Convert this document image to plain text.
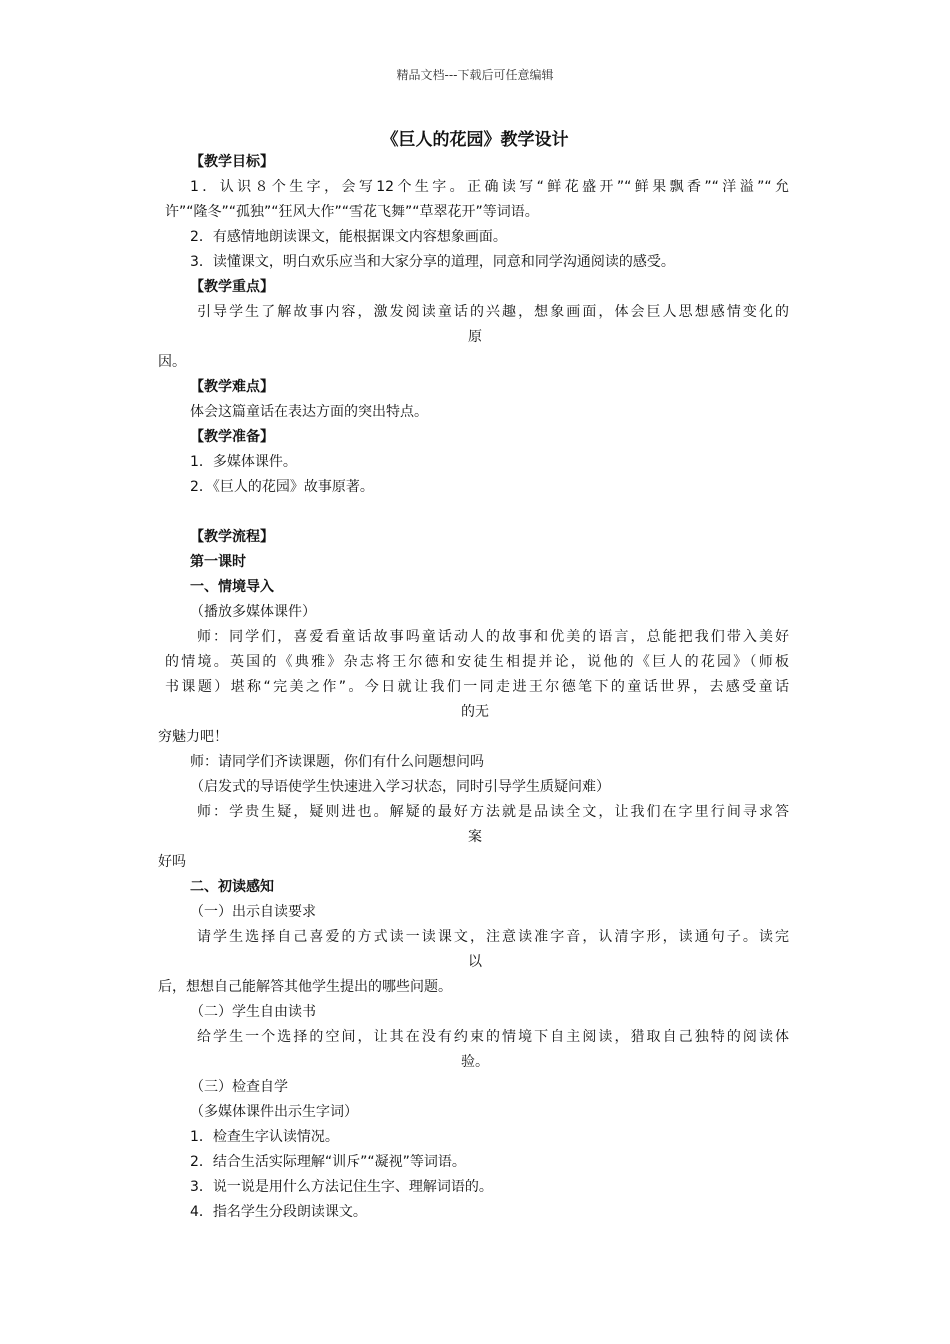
精品文档---下载后可任意编辑
《巨人的花园》教学设计
【教学目标】
1．认识８个生字，会写12个生字。正确读写“鲜花盛开”“鲜果飘香”“洋溢”“允
许”“隆冬”“孤独”“狂风大作”“雪花飞舞”“草翠花开”等词语。
2．有感情地朗读课文，能根据课文内容想象画面。
3．读懂课文，明白欢乐应当和大家分享的道理，同意和同学沟通阅读的感受。
【教学重点】
引导学生了解故事内容，激发阅读童话的兴趣，想象画面，体会巨人思想感情变化的
原
因。
【教学难点】
体会这篇童话在表达方面的突出特点。
【教学准备】
1．多媒体课件。
2．《巨人的花园》故事原著。
【教学流程】
第一课时
一、情境导入
（播放多媒体课件）
师：同学们，喜爱看童话故事吗童话动人的故事和优美的语言，总能把我们带入美好
的情境。英国的《典雅》杂志将王尔德和安徒生相提并论，说他的《巨人的花园》（师板
书课题）堪称“完美之作”。今日就让我们一同走进王尔德笔下的童话世界，去感受童话
的无
穷魅力吧！
师：请同学们齐读课题，你们有什么问题想问吗
（启发式的导语使学生快速进入学习状态，同时引导学生质疑问难）
师：学贵生疑，疑则进也。解疑的最好方法就是品读全文，让我们在字里行间寻求答
案
好吗
二、初读感知
（一）出示自读要求
请学生选择自己喜爱的方式读一读课文，注意读准字音，认清字形，读通句子。读完
以
后，想想自己能解答其他学生提出的哪些问题。
（二）学生自由读书
给学生一个选择的空间，让其在没有约束的情境下自主阅读，猎取自己独特的阅读体
验。
（三）检查自学
（多媒体课件出示生字词）
1．检查生字认读情况。
2．结合生活实际理解“训斥”“凝视”等词语。
3．说一说是用什么方法记住生字、理解词语的。
4．指名学生分段朗读课文。
